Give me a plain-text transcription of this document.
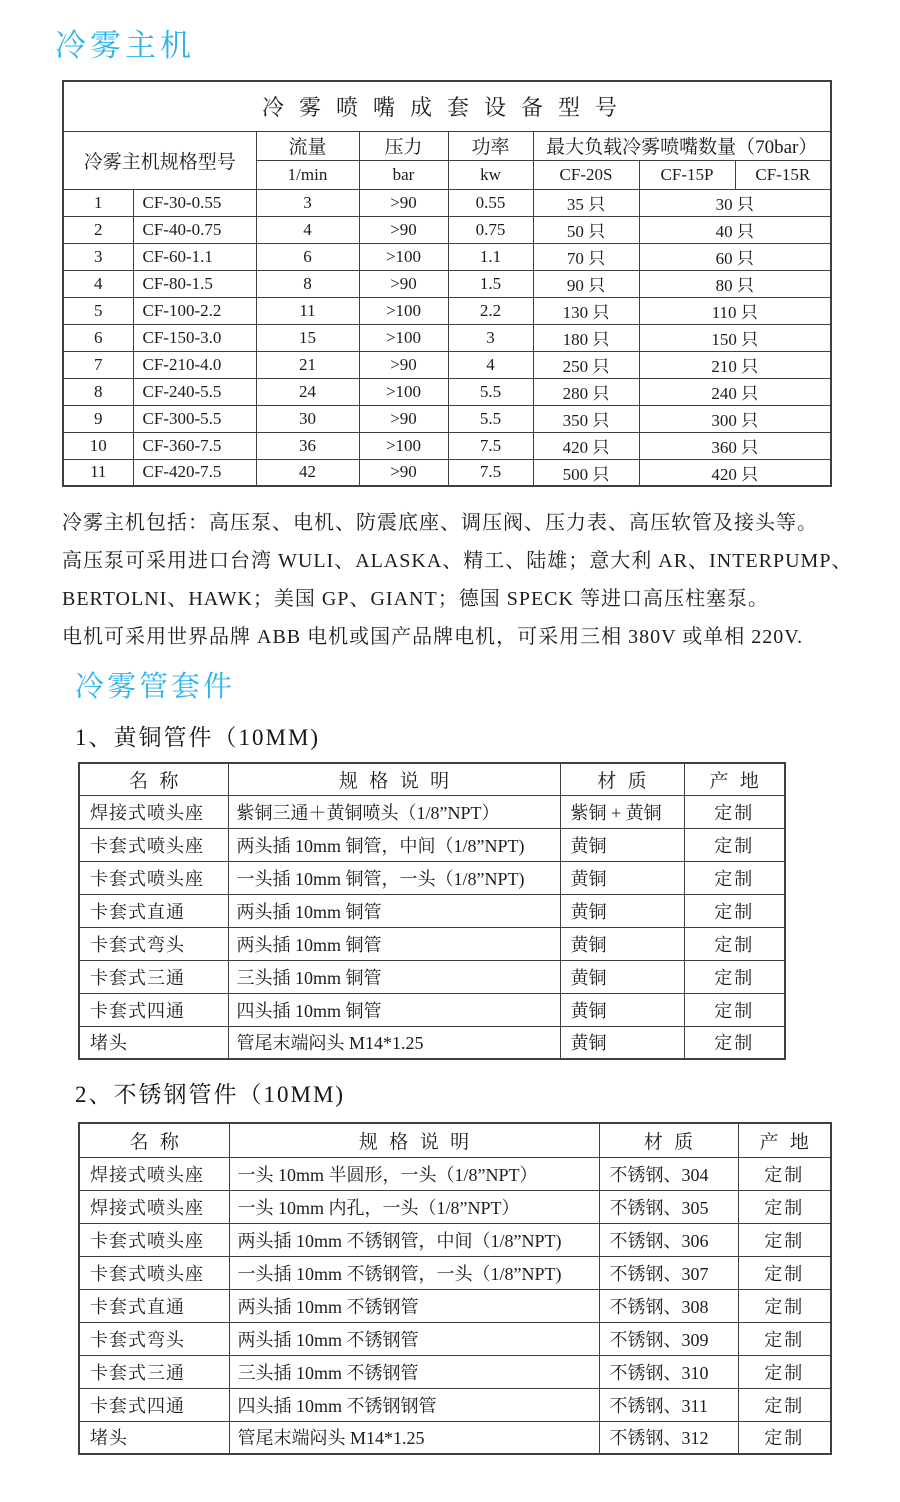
冷雾主机
冷雾喷嘴成套设备型号							
冷雾主机规格型号		流量	压力	功率	最大负载冷雾喷嘴数量（70bar）		
		1/min	bar	kw	CF-20S	CF-15P	CF-15R
1	CF-30-0.55	3	>90	0.55	35 只	30 只	
2	CF-40-0.75	4	>90	0.75	50 只	40 只	
3	CF-60-1.1	6	>100	1.1	70 只	60 只	
4	CF-80-1.5	8	>90	1.5	90 只	80 只	
5	CF-100-2.2	11	>100	2.2	130 只	110 只	
6	CF-150-3.0	15	>100	3	180 只	150 只	
7	CF-210-4.0	21	>90	4	250 只	210 只	
8	CF-240-5.5	24	>100	5.5	280 只	240 只	
9	CF-300-5.5	30	>90	5.5	350 只	300 只	
10	CF-360-7.5	36	>100	7.5	420 只	360 只	
11	CF-420-7.5	42	>90	7.5	500 只	420 只	
冷雾主机包括：高压泵、电机、防震底座、调压阀、压力表、高压软管及接头等。
高压泵可采用进口台湾 WULI、ALASKA、精工、陆雄；意大利 AR、INTERPUMP、
BERTOLNI、HAWK；美国 GP、GIANT；德国 SPECK 等进口高压柱塞泵。
电机可采用世界品牌 ABB 电机或国产品牌电机，可采用三相 380V 或单相 220V.
冷雾管套件
1、黄铜管件（10MM)
名称	规格说明	材质	产地
焊接式喷头座	紫铜三通＋黄铜喷头（1/8”NPT）	紫铜 + 黄铜	定制
卡套式喷头座	两头插 10mm 铜管，中间（1/8”NPT)	黄铜	定制
卡套式喷头座	一头插 10mm 铜管，一头（1/8”NPT)	黄铜	定制
卡套式直通	两头插 10mm 铜管	黄铜	定制
卡套式弯头	两头插 10mm 铜管	黄铜	定制
卡套式三通	三头插 10mm 铜管	黄铜	定制
卡套式四通	四头插 10mm 铜管	黄铜	定制
堵头	管尾末端闷头 M14*1.25	黄铜	定制
2、不锈钢管件（10MM)
名称	规格说明	材质	产地
焊接式喷头座	一头 10mm 半圆形，一头（1/8”NPT）	不锈钢、304	定制
焊接式喷头座	一头 10mm 内孔，一头（1/8”NPT）	不锈钢、305	定制
卡套式喷头座	两头插 10mm 不锈钢管，中间（1/8”NPT)	不锈钢、306	定制
卡套式喷头座	一头插 10mm 不锈钢管，一头（1/8”NPT)	不锈钢、307	定制
卡套式直通	两头插 10mm 不锈钢管	不锈钢、308	定制
卡套式弯头	两头插 10mm 不锈钢管	不锈钢、309	定制
卡套式三通	三头插 10mm 不锈钢管	不锈钢、310	定制
卡套式四通	四头插 10mm 不锈钢钢管	不锈钢、311	定制
堵头	管尾末端闷头 M14*1.25	不锈钢、312	定制
